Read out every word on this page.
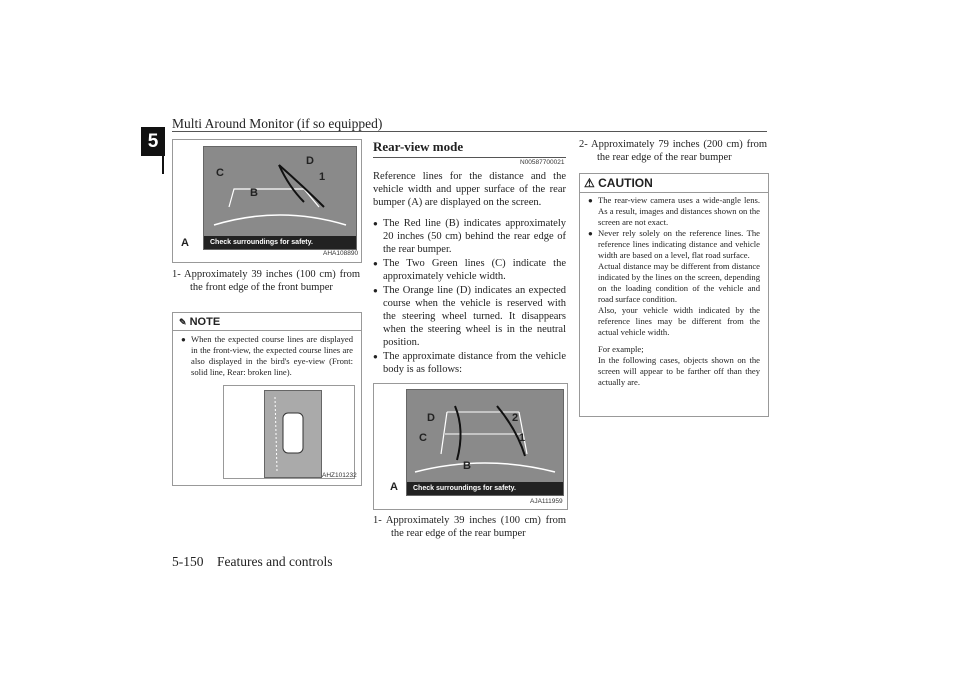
Multi Around Monitor (if so equipped)
5
5-150    Features and controls
C
B
D
1
Check surroundings for safety.
A
AHA108890
1- Approximately 39 inches (100 cm) from the front edge of the front bumper
✎ NOTE
● When the expected course lines are displayed in the front-view, the expected course lines are also displayed in the bird's eye-view (Front: solid line, Rear: broken line).
AHZ101232
Rear-view mode
N00587700021
Reference lines for the distance and the vehicle width and upper surface of the rear bumper (A) are displayed on the screen.
● The Red line (B) indicates approximately 20 inches (50 cm) behind the rear edge of the rear bumper.
● The Two Green lines (C) indicate the approximately vehicle width.
● The Orange line (D) indicates an expected course when the vehicle is reserved with the steering wheel turned. It disappears when the steering wheel is in the neutral position.
● The approximate distance from the vehicle body is as follows:
D
C
B
2
1
Check surroundings for safety.
A
AJA111959
1- Approximately 39 inches (100 cm) from the rear edge of the rear bumper
2- Approximately 79 inches (200 cm) from the rear edge of the rear bumper
⚠ CAUTION
● The rear-view camera uses a wide-angle lens. As a result, images and distances shown on the screen are not exact.
● Never rely solely on the reference lines. The reference lines indicating distance and vehicle width are based on a level, flat road surface.
Actual distance may be different from distance indicated by the lines on the screen, depending on the loading condition of the vehicle and road surface condition.
Also, your vehicle width indicated by the reference lines may be different from the actual vehicle width.
For example;
In the following cases, objects shown on the screen will appear to be farther off than they actually are.
